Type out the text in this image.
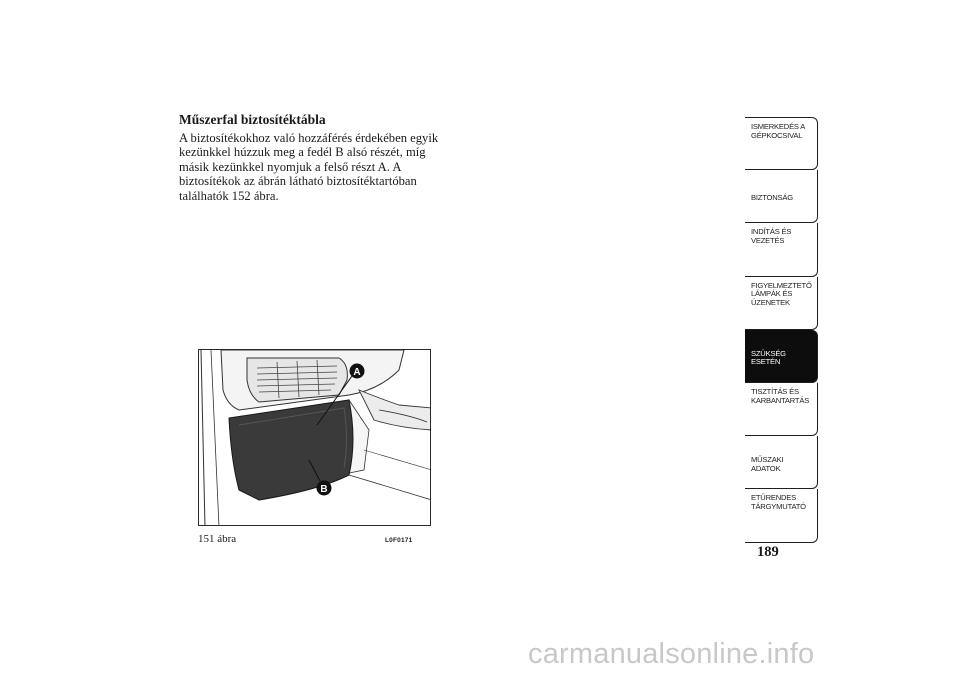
Műszerfal biztosítéktábla

A biztosítékokhoz való hozzáférés érdekében egyik
kezünkkel húzzuk meg a fedél B alsó részét, míg
másik kezünkkel nyomjuk a felső részt A. A
biztosítékok az ábrán látható biztosítéktartóban
találhatók 152 ábra.

A
B
151 ábra	L0F0171
ISMERKEDÉS A
GÉPKOCSIVAL
BIZTONSÁG
INDÍTÁS ÉS
VEZETÉS
FIGYELMEZTETŐ
LÁMPÁK ÉS
ÜZENETEK
SZÜKSÉG ESETÉN
TISZTÍTÁS ÉS
KARBANTARTÁS
MŰSZAKI ADATOK
ETŰRENDES
TÁRGYMUTATÓ
189
carmanualsonline.info
